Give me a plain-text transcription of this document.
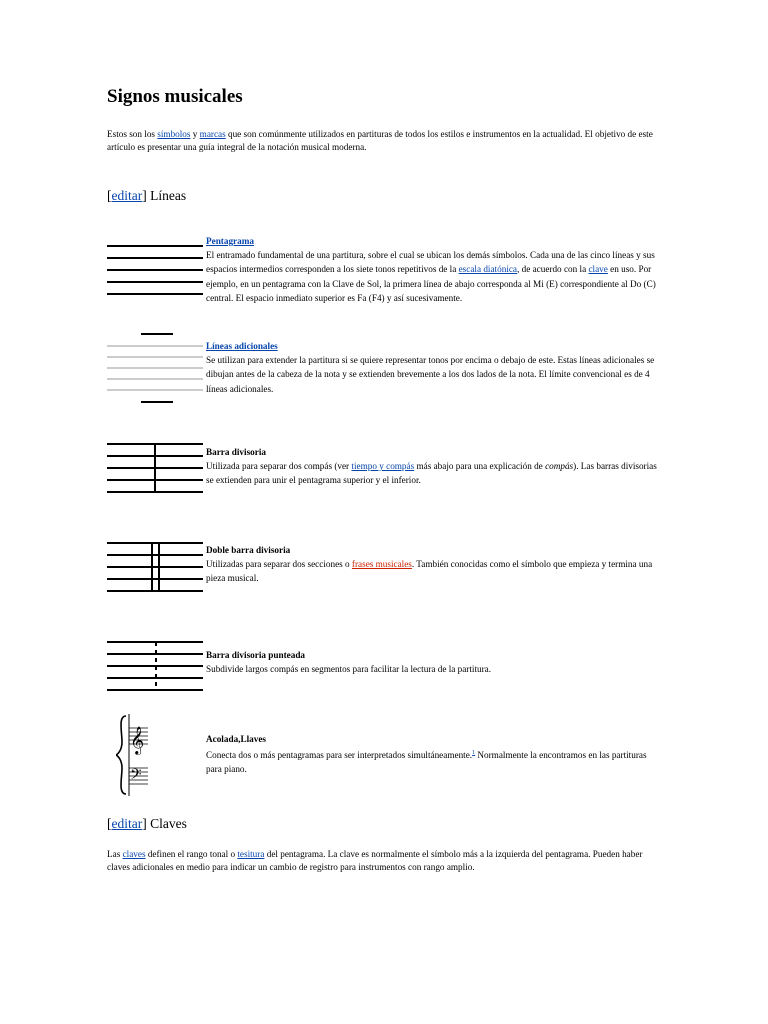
Signos musicales
Estos son los símbolos y marcas que son comúnmente utilizados en partituras de todos los estilos e instrumentos en la actualidad. El objetivo de este artículo es presentar una guía integral de la notación musical moderna.
[editar] Líneas
Pentagrama
El entramado fundamental de una partitura, sobre el cual se ubican los demás símbolos. Cada una de las cinco líneas y sus espacios intermedios corresponden a los siete tonos repetitivos de la escala diatónica, de acuerdo con la clave en uso. Por ejemplo, en un pentagrama con la Clave de Sol, la primera línea de abajo corresponda al Mi (E) correspondiente al Do (C) central. El espacio inmediato superior es Fa (F4) y así sucesivamente.
Líneas adicionales
Se utilizan para extender la partitura si se quiere representar tonos por encima o debajo de este. Estas líneas adicionales se dibujan antes de la cabeza de la nota y se extienden brevemente a los dos lados de la nota. El límite convencional es de 4 líneas adicionales.
Barra divisoria
Utilizada para separar dos compás (ver tiempo y compás más abajo para una explicación de compás). Las barras divisorias se extienden para unir el pentagrama superior y el inferior.
Doble barra divisoria
Utilizadas para separar dos secciones o frases musicales. También conocidas como el símbolo que empieza y termina una pieza musical.
Barra divisoria punteada
Subdivide largos compás en segmentos para facilitar la lectura de la partitura.
𝄞
𝄢
Acolada,Llaves
Conecta dos o más pentagramas para ser interpretados simultáneamente.$^1$ Normalmente la encontramos en las partituras para piano.
[editar] Claves
Las claves definen el rango tonal o tesitura del pentagrama. La clave es normalmente el símbolo más a la izquierda del pentagrama. Pueden haber claves adicionales en medio para indicar un cambio de registro para instrumentos con rango amplio.
